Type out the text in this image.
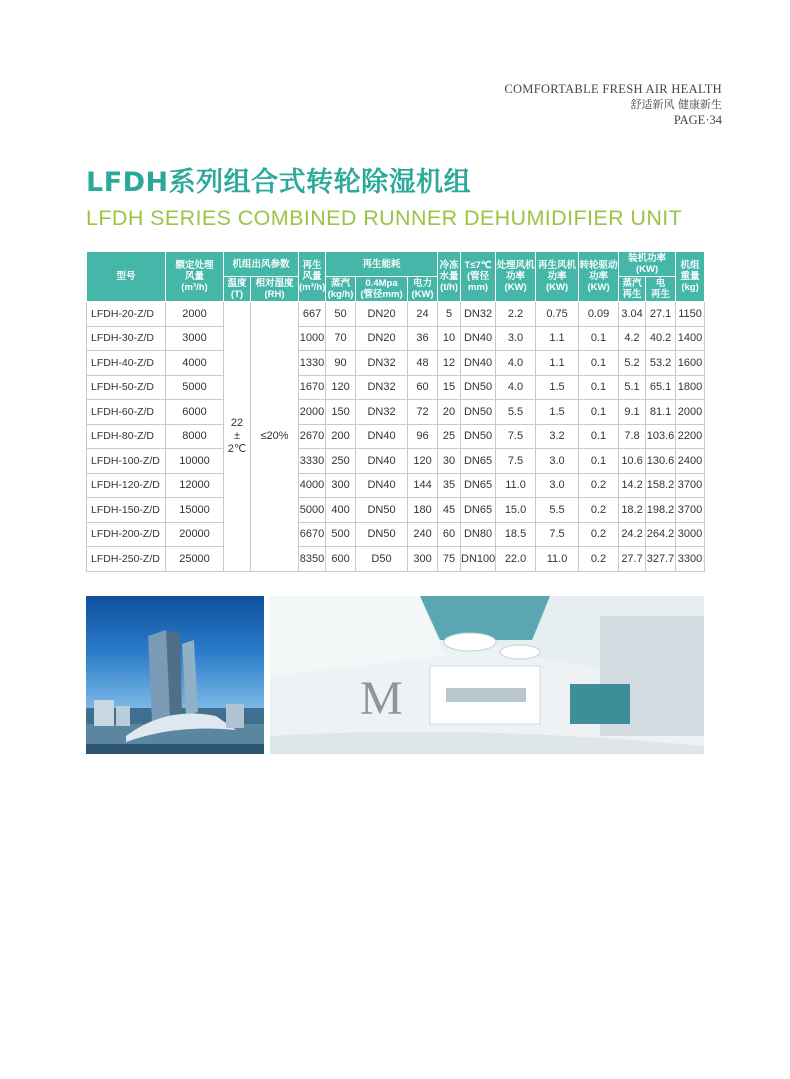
COMFORTABLE FRESH AIR HEALTH
舒适新风 健康新生
PAGE·34
LFDH系列组合式转轮除湿机组
LFDH SERIES COMBINED RUNNER DEHUMIDIFIER UNIT
型号	额定处理
风量
(m³/h)	机组出风参数		再生
风量
(m³/h)	再生能耗			冷冻
水量
(t/h)	T≤7℃
(管径
mm)	处理风机
功率
(KW)	再生风机
功率
(KW)	转轮驱动
功率
(KW)	装机功率
(KW)		机组
重量
(kg)
		温度
(T)	相对湿度
(RH)		蒸汽
(kg/h)	0.4Mpa
(管径mm)	电力
(KW)						蒸汽
再生	电
再生	
LFDH-20-Z/D	2000	22
±
2℃	≤20%	667	50	DN20	24	5	DN32	2.2	0.75	0.09	3.04	27.1	1150
LFDH-30-Z/D	3000			1000	70	DN20	36	10	DN40	3.0	1.1	0.1	4.2	40.2	1400
LFDH-40-Z/D	4000			1330	90	DN32	48	12	DN40	4.0	1.1	0.1	5.2	53.2	1600
LFDH-50-Z/D	5000			1670	120	DN32	60	15	DN50	4.0	1.5	0.1	5.1	65.1	1800
LFDH-60-Z/D	6000			2000	150	DN32	72	20	DN50	5.5	1.5	0.1	9.1	81.1	2000
LFDH-80-Z/D	8000			2670	200	DN40	96	25	DN50	7.5	3.2	0.1	7.8	103.6	2200
LFDH-100-Z/D	10000			3330	250	DN40	120	30	DN65	7.5	3.0	0.1	10.6	130.6	2400
LFDH-120-Z/D	12000			4000	300	DN40	144	35	DN65	11.0	3.0	0.2	14.2	158.2	3700
LFDH-150-Z/D	15000			5000	400	DN50	180	45	DN65	15.0	5.5	0.2	18.2	198.2	3700
LFDH-200-Z/D	20000			6670	500	DN50	240	60	DN80	18.5	7.5	0.2	24.2	264.2	3000
LFDH-250-Z/D	25000			8350	600	D50	300	75	DN100	22.0	11.0	0.2	27.7	327.7	3300
M
